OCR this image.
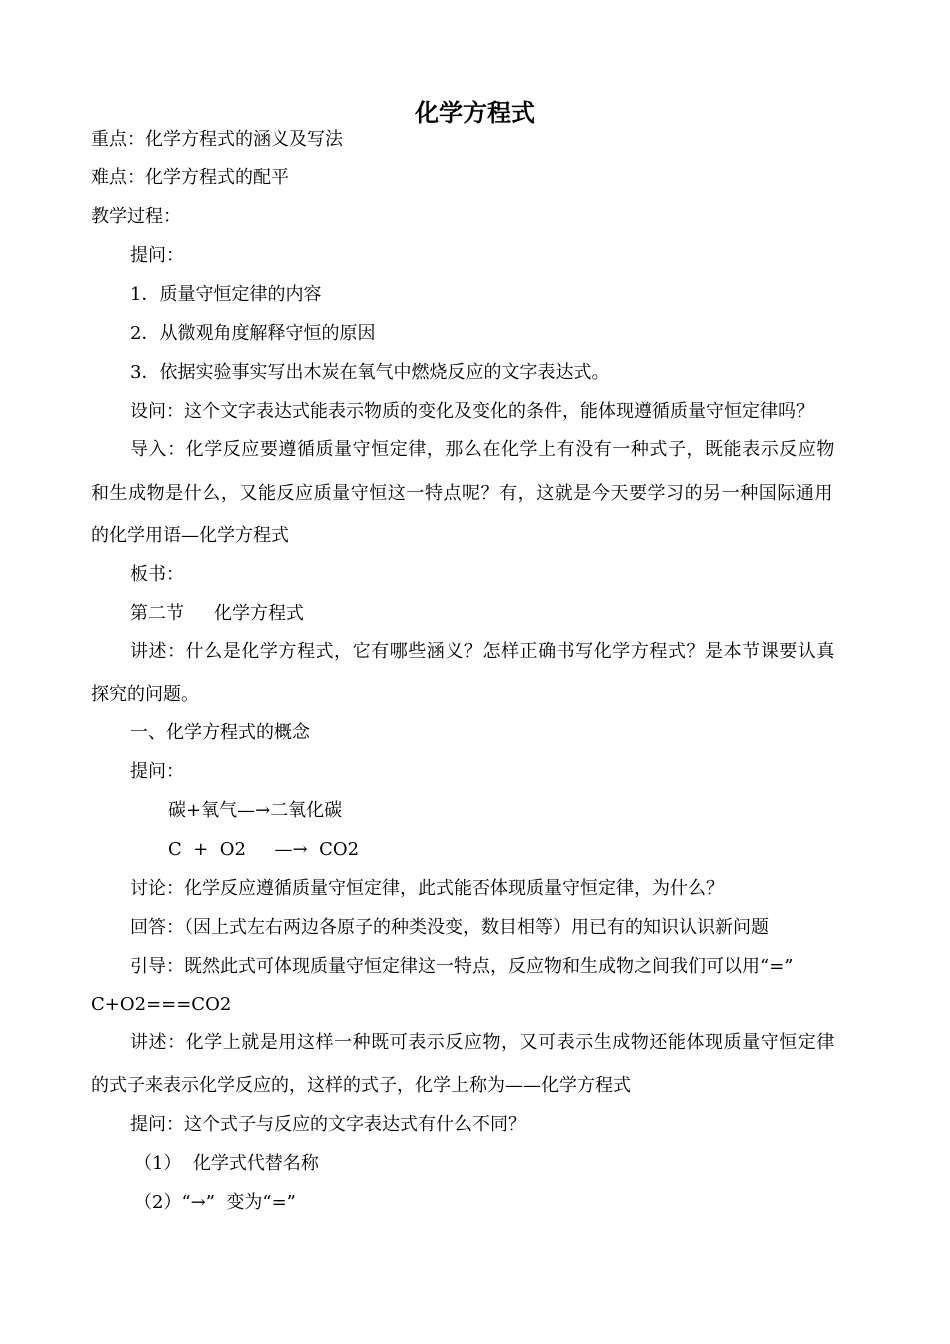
化学方程式
重点：化学方程式的涵义及写法
难点：化学方程式的配平
教学过程：
提问：
1．质量守恒定律的内容
2．从微观角度解释守恒的原因
3．依据实验事实写出木炭在氧气中燃烧反应的文字表达式。
设问：这个文字表达式能表示物质的变化及变化的条件，能体现遵循质量守恒定律吗？
导入：化学反应要遵循质量守恒定律，那么在化学上有没有一种式子，既能表示反应物
和生成物是什么，又能反应质量守恒这一特点呢？有，这就是今天要学习的另一种国际通用
的化学用语—化学方程式
板书：
第二节 化学方程式
讲述：什么是化学方程式，它有哪些涵义？怎样正确书写化学方程式？是本节课要认真
探究的问题。
一、化学方程式的概念
提问：
碳+氧气—→二氧化碳
C  +  O2     —→  CO2
讨论：化学反应遵循质量守恒定律，此式能否体现质量守恒定律，为什么？
回答：（因上式左右两边各原子的种类没变，数目相等）用已有的知识认识新问题
引导：既然此式可体现质量守恒定律这一特点，反应物和生成物之间我们可以用“=”
C+O2===CO2
讲述：化学上就是用这样一种既可表示反应物，又可表示生成物还能体现质量守恒定律
的式子来表示化学反应的，这样的式子，化学上称为——化学方程式
提问：这个式子与反应的文字表达式有什么不同？
（1）  化学式代替名称
（2）“→”  变为“=”
